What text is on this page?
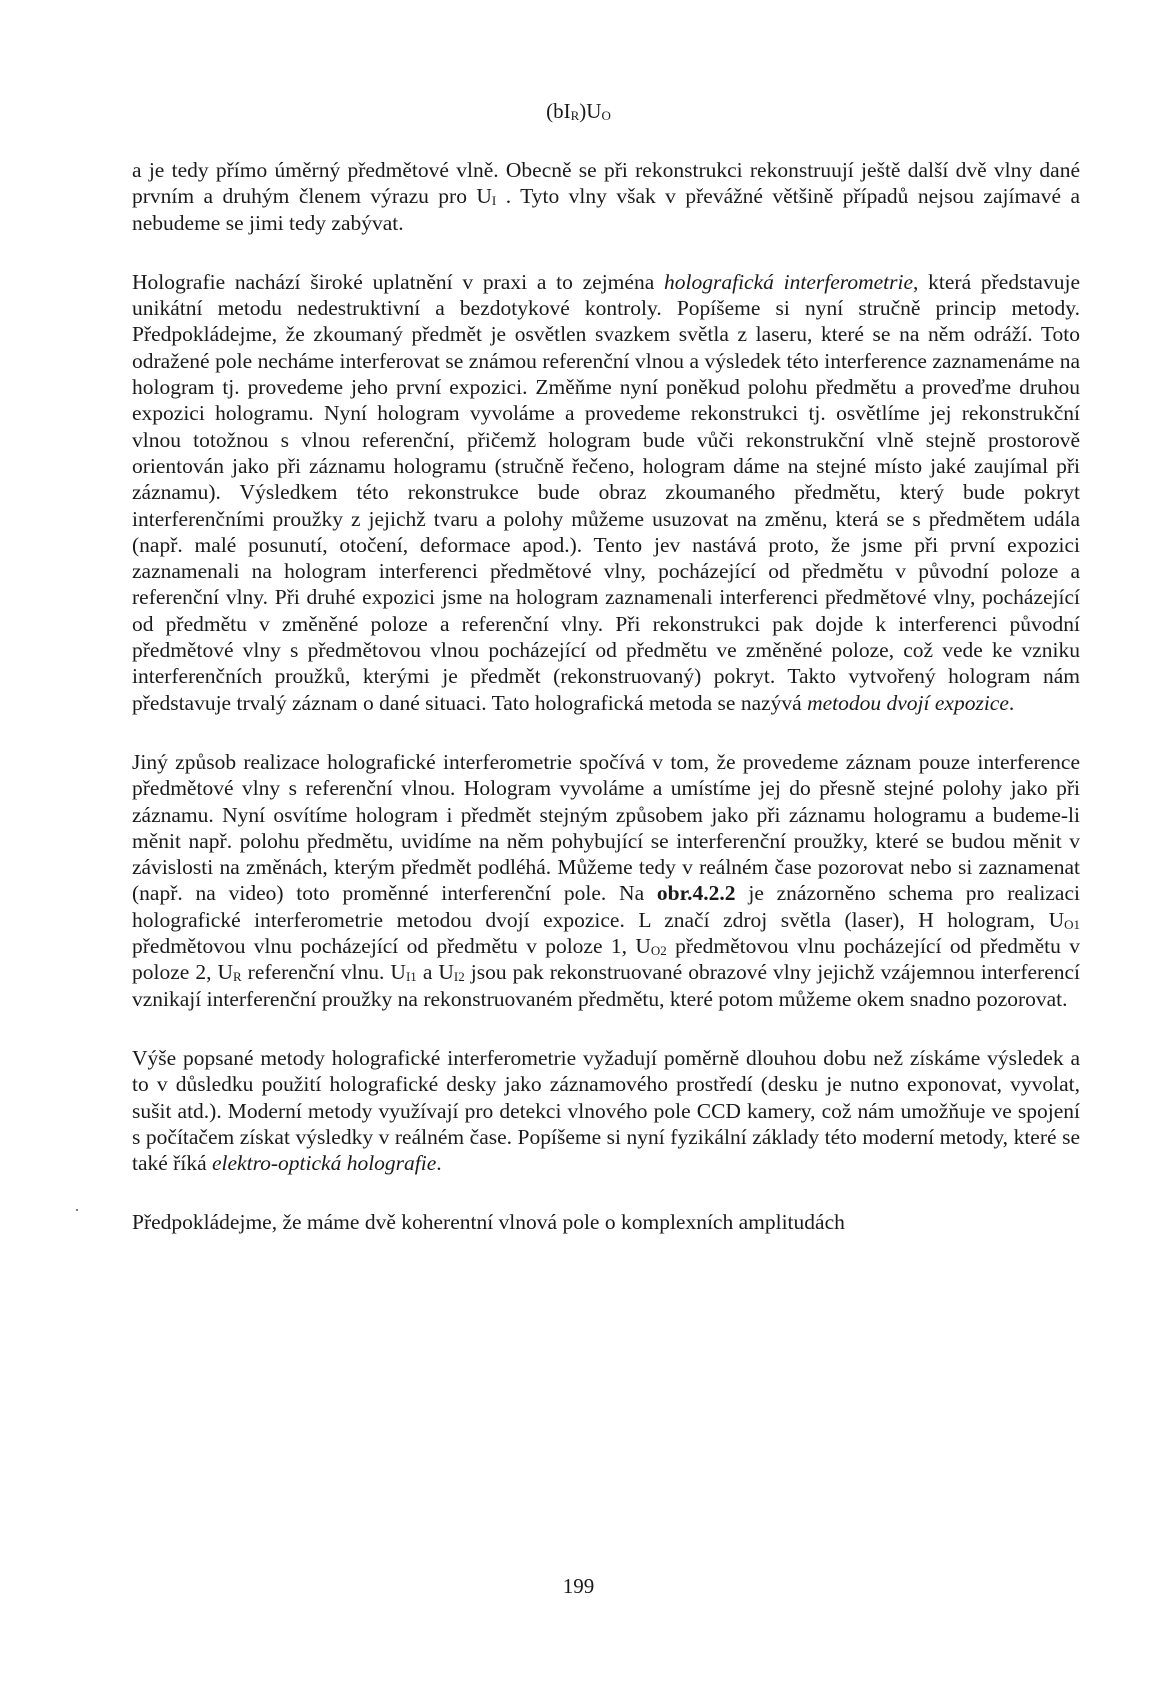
$(bI_R)U_O$

a je tedy přímo úměrný předmětové vlně. Obecně se při rekonstrukci rekonstruují ještě další dvě vlny dané prvním a druhým členem výrazu pro $U_I$ . Tyto vlny však v převážné většině případů nejsou zajímavé a nebudeme se jimi tedy zabývat.

Holografie nachází široké uplatnění v praxi a to zejména holografická interferometrie, která představuje unikátní metodu nedestruktivní a bezdotykové kontroly. Popíšeme si nyní stručně princip metody. Předpokládejme, že zkoumaný předmět je osvětlen svazkem světla z laseru, které se na něm odráží. Toto odražené pole necháme interferovat se známou referenční vlnou a výsledek této interference zaznamenáme na hologram tj. provedeme jeho první expozici. Změňme nyní poněkud polohu předmětu a proveďme druhou expozici hologramu. Nyní hologram vyvoláme a provedeme rekonstrukci tj. osvětlíme jej rekonstrukční vlnou totožnou s vlnou referenční, přičemž hologram bude vůči rekonstrukční vlně stejně prostorově orientován jako při záznamu hologramu (stručně řečeno, hologram dáme na stejné místo jaké zaujímal při záznamu). Výsledkem této rekonstrukce bude obraz zkoumaného předmětu, který bude pokryt interferenčními proužky z jejichž tvaru a polohy můžeme usuzovat na změnu, která se s předmětem udála (např. malé posunutí, otočení, deformace apod.). Tento jev nastává proto, že jsme při první expozici zaznamenali na hologram interferenci předmětové vlny, pocházející od předmětu v původní poloze a referenční vlny. Při druhé expozici jsme na hologram zaznamenali interferenci předmětové vlny, pocházející od předmětu v změněné poloze a referenční vlny. Při rekonstrukci pak dojde k interferenci původní předmětové vlny s předmětovou vlnou pocházející od předmětu ve změněné poloze, což vede ke vzniku interferenčních proužků, kterými je předmět (rekonstruovaný) pokryt. Takto vytvořený hologram nám představuje trvalý záznam o dané situaci. Tato holografická metoda se nazývá metodou dvojí expozice.

Jiný způsob realizace holografické interferometrie spočívá v tom, že provedeme záznam pouze interference předmětové vlny s referenční vlnou. Hologram vyvoláme a umístíme jej do přesně stejné polohy jako při záznamu. Nyní osvítíme hologram i předmět stejným způsobem jako při záznamu hologramu a budeme-li měnit např. polohu předmětu, uvidíme na něm pohybující se interferenční proužky, které se budou měnit v závislosti na změnách, kterým předmět podléhá. Můžeme tedy v reálném čase pozorovat nebo si zaznamenat (např. na video) toto proměnné interferenční pole. Na obr.4.2.2 je znázorněno schema pro realizaci holografické interferometrie metodou dvojí expozice. L značí zdroj světla (laser), H hologram, $U_{O1}$ předmětovou vlnu pocházející od předmětu v poloze 1, $U_{O2}$ předmětovou vlnu pocházející od předmětu v poloze 2, $U_R$ referenční vlnu. $U_{I1}$ a $U_{I2}$ jsou pak rekonstruované obrazové vlny jejichž vzájemnou interferencí vznikají interferenční proužky na rekonstruovaném předmětu, které potom můžeme okem snadno pozorovat.

Výše popsané metody holografické interferometrie vyžadují poměrně dlouhou dobu než získáme výsledek a to v důsledku použití holografické desky jako záznamového prostředí (desku je nutno exponovat, vyvolat, sušit atd.). Moderní metody využívají pro detekci vlnového pole CCD kamery, což nám umožňuje ve spojení s počítačem získat výsledky v reálném čase. Popíšeme si nyní fyzikální základy této moderní metody, které se také říká elektro-optická holografie.

Předpokládejme, že máme dvě koherentní vlnová pole o komplexních amplitudách

199
